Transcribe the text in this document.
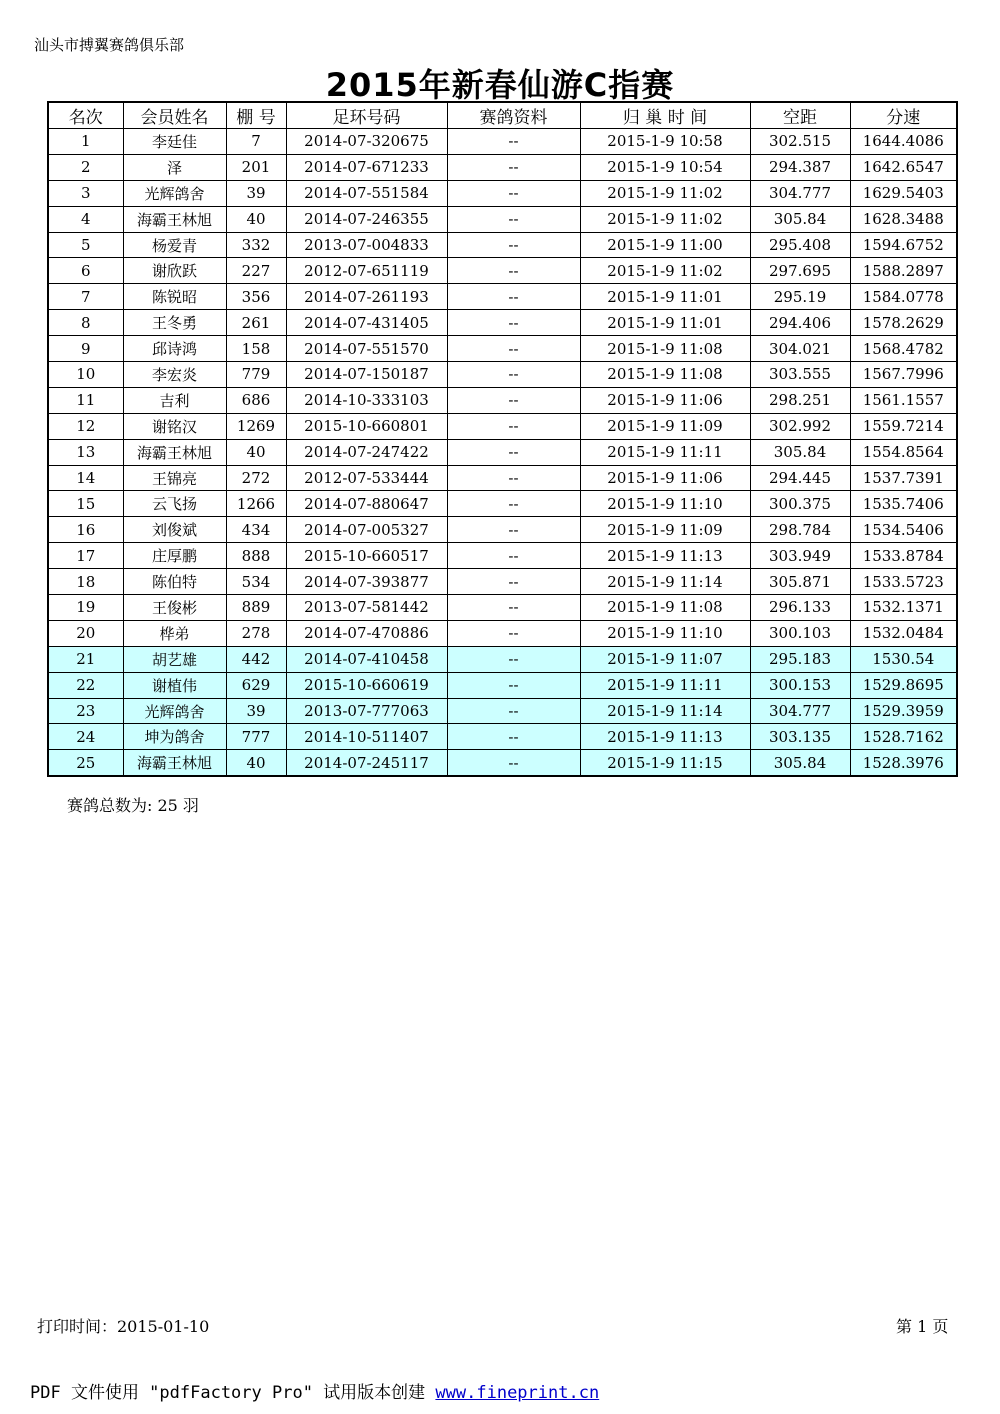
汕头市搏翼赛鸽俱乐部
2015年新春仙游C指赛
名次	会员姓名	棚 号	足环号码	赛鸽资料	归 巢 时 间	空距	分速
1	李廷佳	7	2014-07-320675	--	2015-1-9 10:58	302.515	1644.4086
2	泽	201	2014-07-671233	--	2015-1-9 10:54	294.387	1642.6547
3	光辉鸽舍	39	2014-07-551584	--	2015-1-9 11:02	304.777	1629.5403
4	海霸王林旭	40	2014-07-246355	--	2015-1-9 11:02	305.84	1628.3488
5	杨爱青	332	2013-07-004833	--	2015-1-9 11:00	295.408	1594.6752
6	谢欣跃	227	2012-07-651119	--	2015-1-9 11:02	297.695	1588.2897
7	陈锐昭	356	2014-07-261193	--	2015-1-9 11:01	295.19	1584.0778
8	王冬勇	261	2014-07-431405	--	2015-1-9 11:01	294.406	1578.2629
9	邱诗鸿	158	2014-07-551570	--	2015-1-9 11:08	304.021	1568.4782
10	李宏炎	779	2014-07-150187	--	2015-1-9 11:08	303.555	1567.7996
11	吉利	686	2014-10-333103	--	2015-1-9 11:06	298.251	1561.1557
12	谢铭汉	1269	2015-10-660801	--	2015-1-9 11:09	302.992	1559.7214
13	海霸王林旭	40	2014-07-247422	--	2015-1-9 11:11	305.84	1554.8564
14	王锦亮	272	2012-07-533444	--	2015-1-9 11:06	294.445	1537.7391
15	云飞扬	1266	2014-07-880647	--	2015-1-9 11:10	300.375	1535.7406
16	刘俊斌	434	2014-07-005327	--	2015-1-9 11:09	298.784	1534.5406
17	庄厚鹏	888	2015-10-660517	--	2015-1-9 11:13	303.949	1533.8784
18	陈伯特	534	2014-07-393877	--	2015-1-9 11:14	305.871	1533.5723
19	王俊彬	889	2013-07-581442	--	2015-1-9 11:08	296.133	1532.1371
20	桦弟	278	2014-07-470886	--	2015-1-9 11:10	300.103	1532.0484
21	胡艺雄	442	2014-07-410458	--	2015-1-9 11:07	295.183	1530.54
22	谢植伟	629	2015-10-660619	--	2015-1-9 11:11	300.153	1529.8695
23	光辉鸽舍	39	2013-07-777063	--	2015-1-9 11:14	304.777	1529.3959
24	坤为鸽舍	777	2014-10-511407	--	2015-1-9 11:13	303.135	1528.7162
25	海霸王林旭	40	2014-07-245117	--	2015-1-9 11:15	305.84	1528.3976
赛鸽总数为: 25 羽
打印时间：2015-01-10	第 1 页
PDF 文件使用 "pdfFactory Pro" 试用版本创建 www.fineprint.cn
